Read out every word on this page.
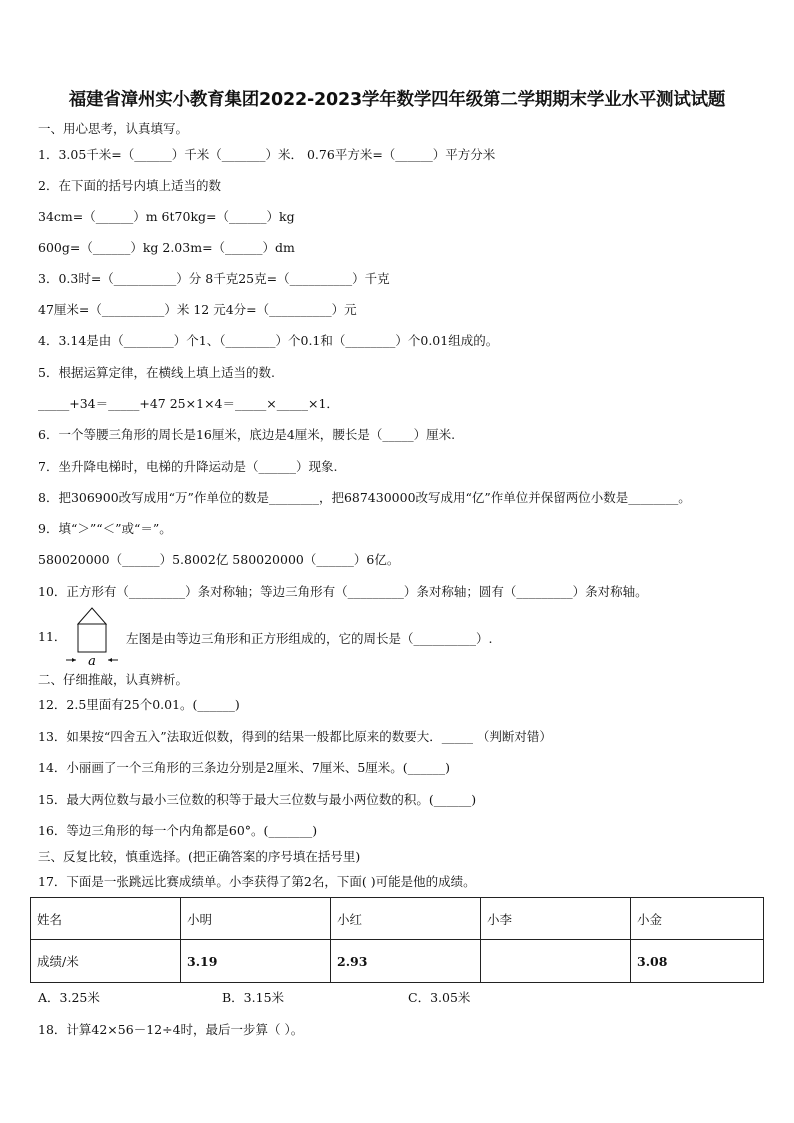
福建省漳州实小教育集团2022-2023学年数学四年级第二学期期末学业水平测试试题
一、用心思考，认真填写。
1．3.05千米=（______）千米（_______）米． 0.76平方米=（______）平方分米
2．在下面的括号内填上适当的数
34cm=（______）m 6t70kg=（______）kg
600g=（______）kg 2.03m=（______）dm
3．0.3时=（__________）分 8千克25克=（__________）千克
47厘米=（__________）米 12 元4分=（__________）元
4．3.14是由（________）个1、（________）个0.1和（________）个0.01组成的。
5．根据运算定律，在横线上填上适当的数.
_____+34＝_____+47 25×1×4＝_____×_____×1．
6．一个等腰三角形的周长是16厘米，底边是4厘米，腰长是（_____）厘米.
7．坐升降电梯时，电梯的升降运动是（______）现象.
8．把306900改写成用“万”作单位的数是________，把687430000改写成用“亿”作单位并保留两位小数是________。
9．填“＞”“＜”或“＝”。
580020000（______）5.8002亿 580020000（______）6亿。
10．正方形有（_________）条对称轴；等边三角形有（_________）条对称轴；圆有（_________）条对称轴。
11．
a
左图是由等边三角形和正方形组成的，它的周长是（__________）.
二、仔细推敲，认真辨析。
12．2.5里面有25个0.01。(______)
13．如果按“四舍五入”法取近似数，得到的结果一般都比原来的数要大．_____ （判断对错）
14．小丽画了一个三角形的三条边分别是2厘米、7厘米、5厘米。(______)
15．最大两位数与最小三位数的积等于最大三位数与最小两位数的积。(______)
16．等边三角形的每一个内角都是60°。(_______)
三、反复比较，慎重选择。(把正确答案的序号填在括号里)
17．下面是一张跳远比赛成绩单。小李获得了第2名，下面( )可能是他的成绩。
姓名	小明	小红	小李	小金
成绩/米	3.19	2.93		3.08
A．3.25米	B．3.15米	C．3.05米
18．计算42×56－12÷4时，最后一步算（ ）。
